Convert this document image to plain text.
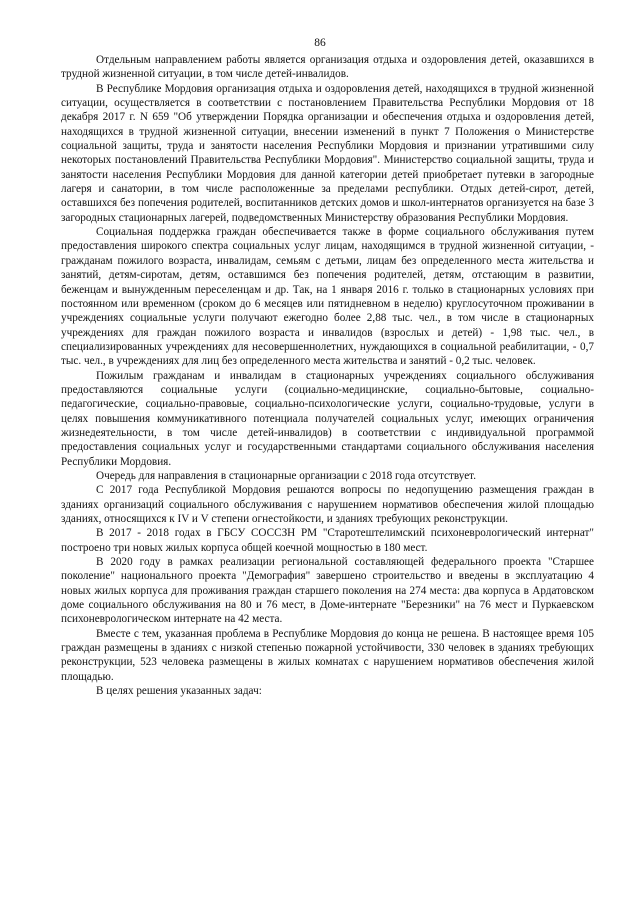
86

Отдельным направлением работы является организация отдыха и оздоровления детей, оказавшихся в трудной жизненной ситуации, в том числе детей-инвалидов.

В Республике Мордовия организация отдыха и оздоровления детей, находящихся в трудной жизненной ситуации, осуществляется в соответствии с постановлением Правительства Республики Мордовия от 18 декабря 2017 г. N 659 "Об утверждении Порядка организации и обеспечения отдыха и оздоровления детей, находящихся в трудной жизненной ситуации, внесении изменений в пункт 7 Положения о Министерстве социальной защиты, труда и занятости населения Республики Мордовия и признании утратившими силу некоторых постановлений Правительства Республики Мордовия". Министерство социальной защиты, труда и занятости населения Республики Мордовия для данной категории детей приобретает путевки в загородные лагеря и санатории, в том числе расположенные за пределами республики. Отдых детей-сирот, детей, оставшихся без попечения родителей, воспитанников детских домов и школ-интернатов организуется на базе 3 загородных стационарных лагерей, подведомственных Министерству образования Республики Мордовия.

Социальная поддержка граждан обеспечивается также в форме социального обслуживания путем предоставления широкого спектра социальных услуг лицам, находящимся в трудной жизненной ситуации, - гражданам пожилого возраста, инвалидам, семьям с детьми, лицам без определенного места жительства и занятий, детям-сиротам, детям, оставшимся без попечения родителей, детям, отстающим в развитии, беженцам и вынужденным переселенцам и др. Так, на 1 января 2016 г. только в стационарных условиях при постоянном или временном (сроком до 6 месяцев или пятидневном в неделю) круглосуточном проживании в учреждениях социальные услуги получают ежегодно более 2,88 тыс. чел., в том числе в стационарных учреждениях для граждан пожилого возраста и инвалидов (взрослых и детей) - 1,98 тыс. чел., в специализированных учреждениях для несовершеннолетних, нуждающихся в социальной реабилитации, - 0,7 тыс. чел., в учреждениях для лиц без определенного места жительства и занятий - 0,2 тыс. человек.

Пожилым гражданам и инвалидам в стационарных учреждениях социального обслуживания предоставляются социальные услуги (социально-медицинские, социально-бытовые, социально-педагогические, социально-правовые, социально-психологические услуги, социально-трудовые, услуги в целях повышения коммуникативного потенциала получателей социальных услуг, имеющих ограничения жизнедеятельности, в том числе детей-инвалидов) в соответствии с индивидуальной программой предоставления социальных услуг и государственными стандартами социального обслуживания населения Республики Мордовия.

Очередь для направления в стационарные организации с 2018 года отсутствует.

С 2017 года Республикой Мордовия решаются вопросы по недопущению размещения граждан в зданиях организаций социального обслуживания с нарушением нормативов обеспечения жилой площадью зданиях, относящихся к IV и V степени огнестойкости, и зданиях требующих реконструкции.

В 2017 - 2018 годах в ГБСУ СОССЗН РМ "Старотештелимский психоневрологический интернат" построено три новых жилых корпуса общей коечной мощностью в 180 мест.

В 2020 году в рамках реализации региональной составляющей федерального проекта "Старшее поколение" национального проекта "Демография" завершено строительство и введены в эксплуатацию 4 новых жилых корпуса для проживания граждан старшего поколения на 274 места: два корпуса в Ардатовском доме социального обслуживания на 80 и 76 мест, в Доме-интернате "Березники" на 76 мест и Пуркаевском психоневрологическом интернате на 42 места.

Вместе с тем, указанная проблема в Республике Мордовия до конца не решена. В настоящее время 105 граждан размещены в зданиях с низкой степенью пожарной устойчивости, 330 человек в зданиях требующих реконструкции, 523 человека размещены в жилых комнатах с нарушением нормативов обеспечения жилой площадью.

В целях решения указанных задач:
